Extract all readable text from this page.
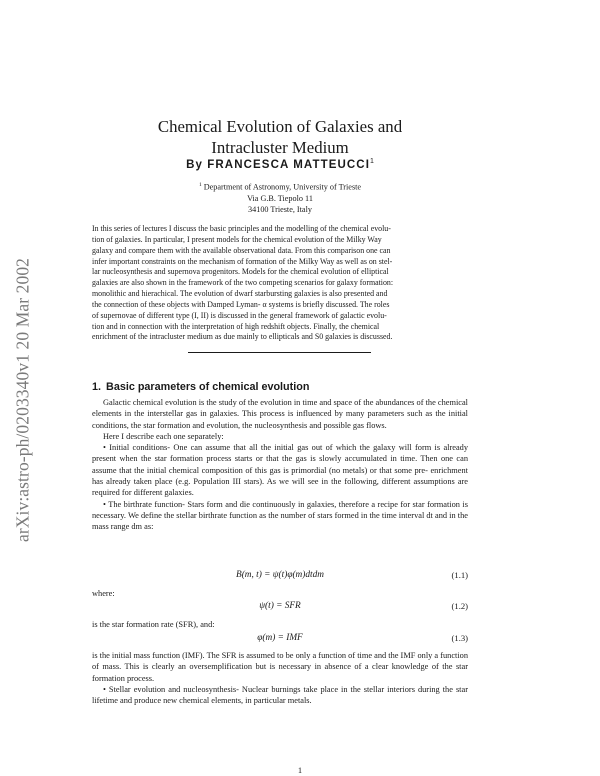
arXiv:astro-ph/0203340v1 20 Mar 2002
Chemical Evolution of Galaxies and
Intracluster Medium
By FRANCESCA MATTEUCCI$^1$
$^1$ Department of Astronomy, University of Trieste
Via G.B. Tiepolo 11
34100 Trieste, Italy
In this series of lectures I discuss the basic principles and the modelling of the chemical evolu-
tion of galaxies. In particular, I present models for the chemical evolution of the Milky Way
galaxy and compare them with the available observational data. From this comparison one can
infer important constraints on the mechanism of formation of the Milky Way as well as on stel-
lar nucleosynthesis and supernova progenitors. Models for the chemical evolution of elliptical
galaxies are also shown in the framework of the two competing scenarios for galaxy formation:
monolithic and hierachical. The evolution of dwarf starbursting galaxies is also presented and
the connection of these objects with Damped Lyman- α systems is briefly discussed. The roles
of supernovae of different type (I, II) is discussed in the general framework of galactic evolu-
tion and in connection with the interpretation of high redshift objects. Finally, the chemical
enrichment of the intracluster medium as due mainly to ellipticals and S0 galaxies is discussed.
1. Basic parameters of chemical evolution

Galactic chemical evolution is the study of the evolution in time and space of the abundances of the chemical elements in the interstellar gas in galaxies. This process is influenced by many parameters such as the initial conditions, the star formation and evolution, the nucleosynthesis and possible gas flows.

Here I describe each one separately:

• Initial conditions- One can assume that all the initial gas out of which the galaxy will form is already present when the star formation process starts or that the gas is slowly accumulated in time. Then one can assume that the initial chemical composition of this gas is primordial (no metals) or that some pre- enrichment has already taken place (e.g. Population III stars). As we will see in the following, different assumptions are required for different galaxies.

• The birthrate function- Stars form and die continuously in galaxies, therefore a recipe for star formation is necessary. We define the stellar birthrate function as the number of stars formed in the time interval dt and in the mass range dm as:

B(m, t) = ψ(t)φ(m)dtdm	(1.1)

where:

ψ(t) = SFR	(1.2)

is the star formation rate (SFR), and:

φ(m) = IMF	(1.3)

is the initial mass function (IMF). The SFR is assumed to be only a function of time and the IMF only a function of mass. This is clearly an oversemplification but is necessary in absence of a clear knowledge of the star formation process.

• Stellar evolution and nucleosynthesis- Nuclear burnings take place in the stellar interiors during the star lifetime and produce new chemical elements, in particular metals.

1
